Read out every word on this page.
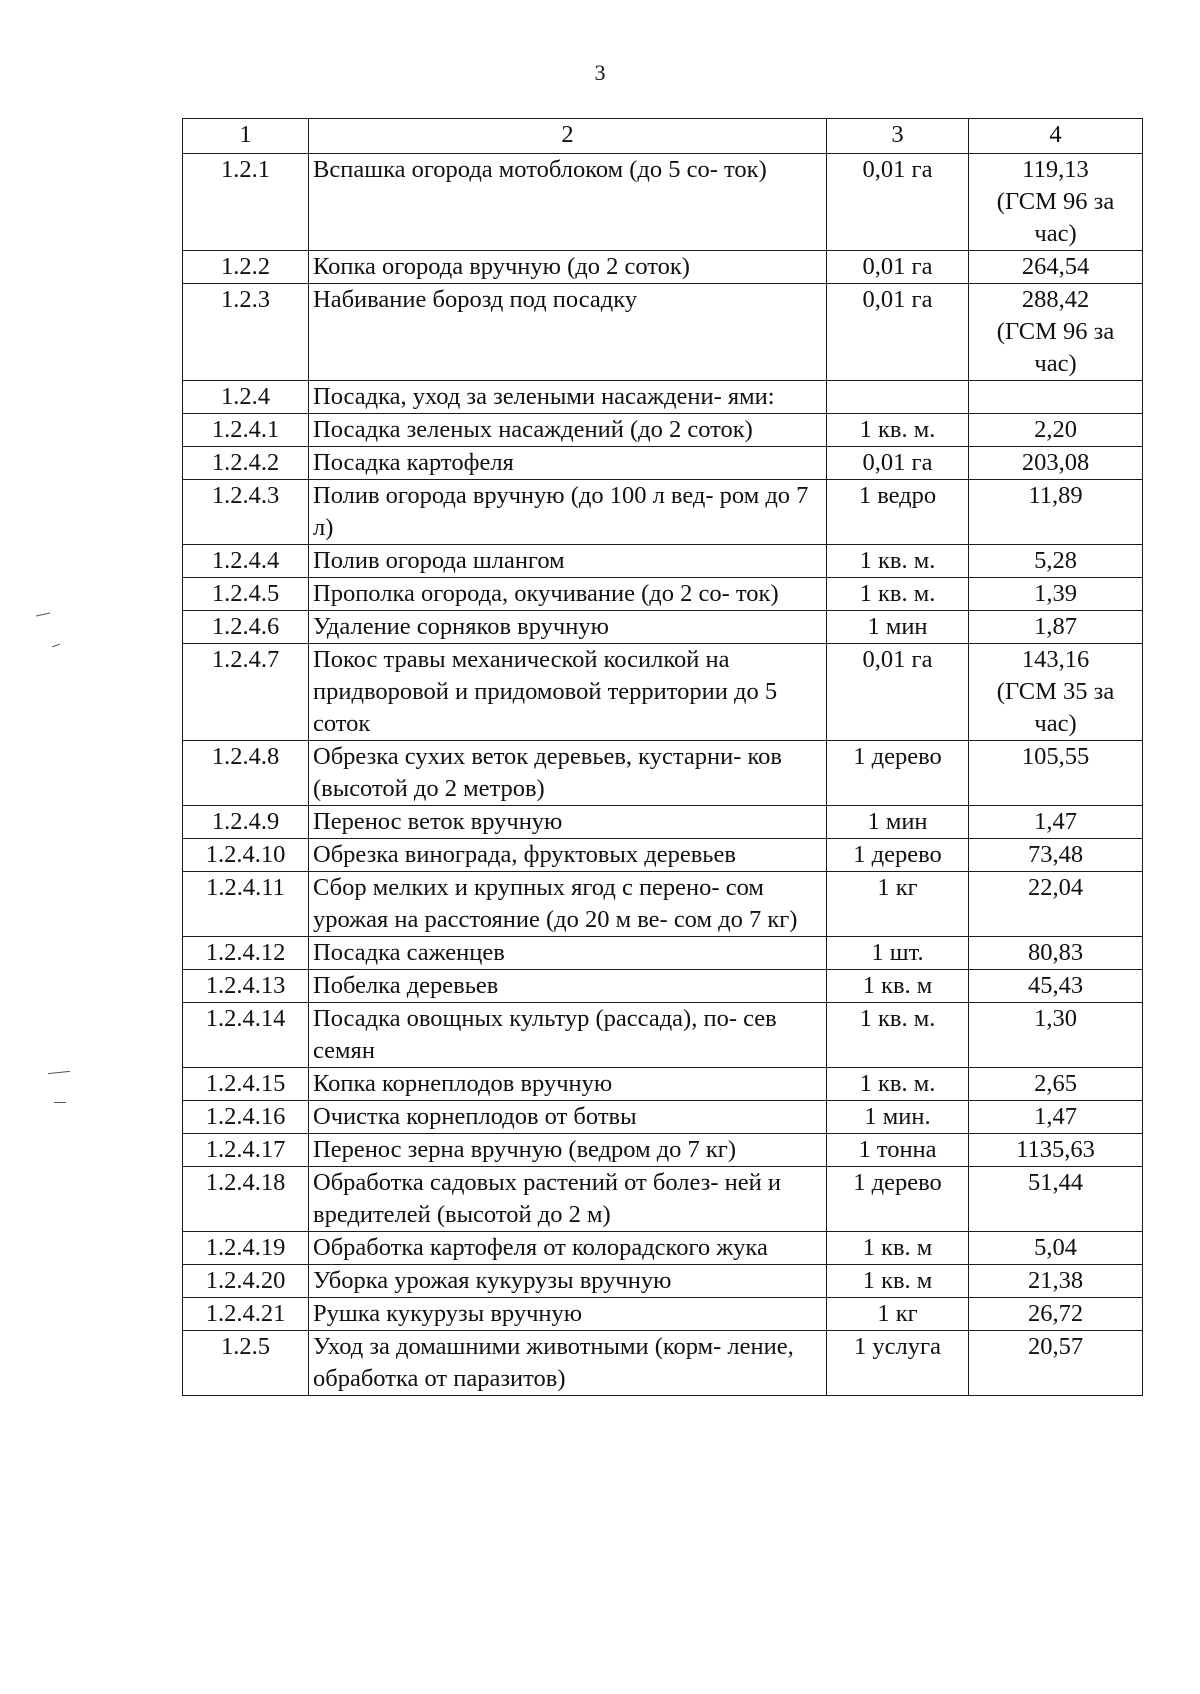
3
1	2	3	4
1.2.1	Вспашка огорода мотоблоком (до 5 со- ток)	0,01 га	119,13
(ГСМ 96 за
час)

1.2.2	Копка огорода вручную (до 2 соток)	0,01 га	264,54

1.2.3	Набивание борозд под посадку	0,01 га	288,42
(ГСМ 96 за
час)

1.2.4	Посадка, уход за зелеными насаждени- ями:		
1.2.4.1	Посадка зеленых насаждений (до 2 соток)	1 кв. м.	2,20

1.2.4.2	Посадка картофеля	0,01 га	203,08

1.2.4.3	Полив огорода вручную (до 100 л вед- ром до 7 л)	1 ведро	11,89

1.2.4.4	Полив огорода шлангом	1 кв. м.	5,28

1.2.4.5	Прополка огорода, окучивание (до 2 со- ток)	1 кв. м.	1,39

1.2.4.6	Удаление сорняков вручную	1 мин	1,87

1.2.4.7	Покос травы механической косилкой на придворовой и придомовой территории до 5 соток	0,01 га	143,16
(ГСМ 35 за
час)

1.2.4.8	Обрезка сухих веток деревьев, кустарни- ков (высотой до 2 метров)	1 дерево	105,55

1.2.4.9	Перенос веток вручную	1 мин	1,47

1.2.4.10	Обрезка винограда, фруктовых деревьев	1 дерево	73,48

1.2.4.11	Сбор мелких и крупных ягод с перено- сом урожая на расстояние (до 20 м ве- сом до 7 кг)	1 кг	22,04

1.2.4.12	Посадка саженцев	1 шт.	80,83

1.2.4.13	Побелка деревьев	1 кв. м	45,43

1.2.4.14	Посадка овощных культур (рассада), по- сев семян	1 кв. м.	1,30

1.2.4.15	Копка корнеплодов вручную	1 кв. м.	2,65

1.2.4.16	Очистка корнеплодов от ботвы	1 мин.	1,47

1.2.4.17	Перенос зерна вручную (ведром до 7 кг)	1 тонна	1135,63

1.2.4.18	Обработка садовых растений от болез- ней и вредителей (высотой до 2 м)	1 дерево	51,44

1.2.4.19	Обработка картофеля от колорадского жука	1 кв. м	5,04

1.2.4.20	Уборка урожая кукурузы вручную	1 кв. м	21,38

1.2.4.21	Рушка кукурузы вручную	1 кг	26,72

1.2.5	Уход за домашними животными (корм- ление, обработка от паразитов)	1 услуга	20,57
